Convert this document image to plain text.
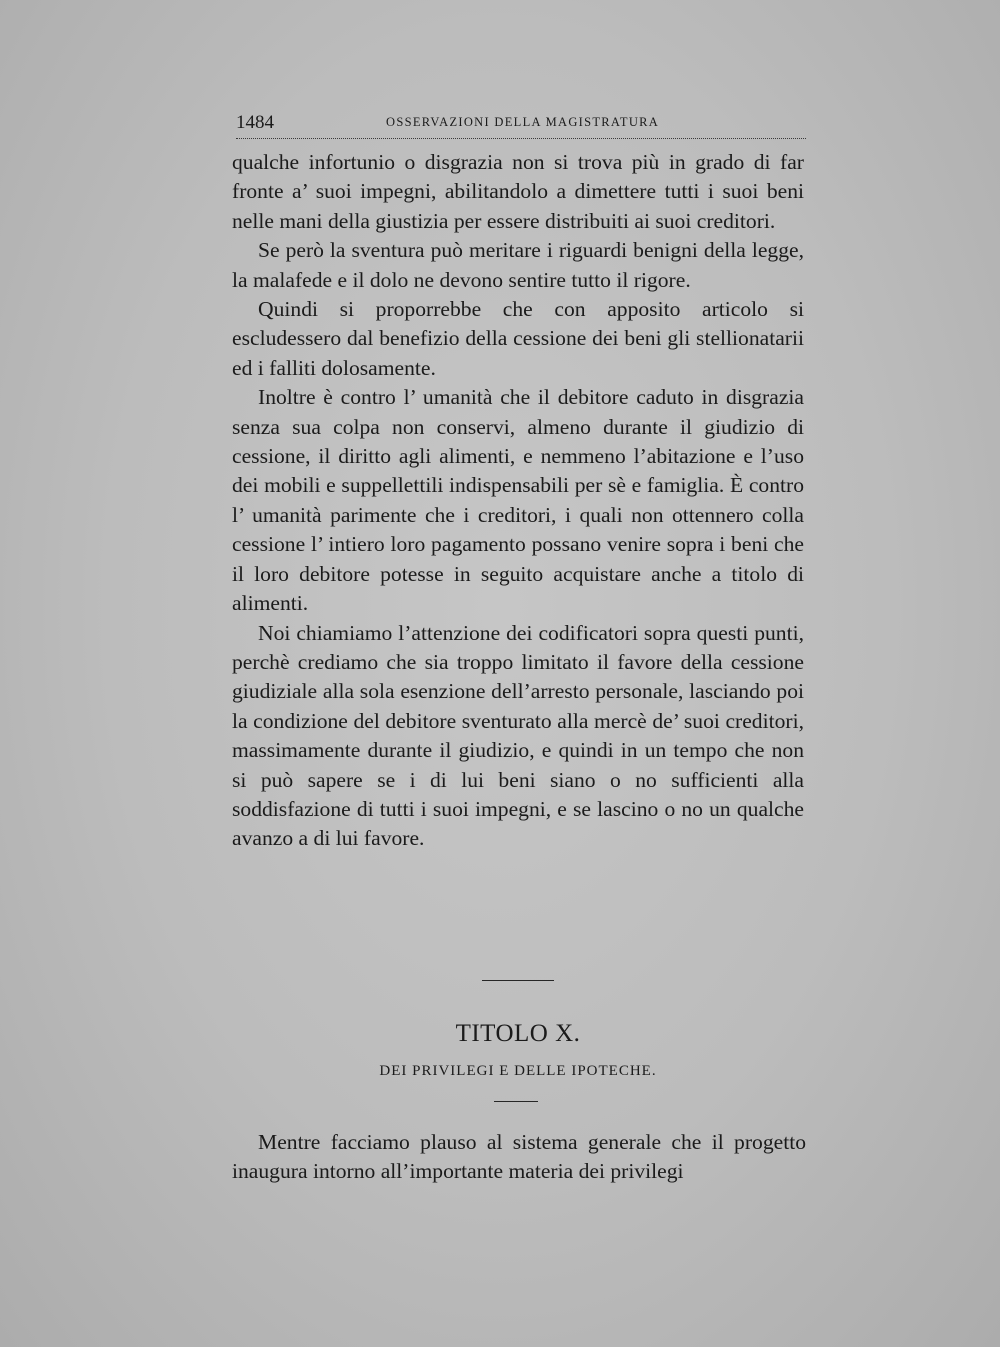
1484	OSSERVAZIONI DELLA MAGISTRATURA

qualche infortunio o disgrazia non si trova più in grado di far fronte a’ suoi impegni, abilitandolo a dimettere tutti i suoi beni nelle mani della giustizia per essere distribuiti ai suoi creditori.

Se però la sventura può meritare i riguardi benigni della legge, la malafede e il dolo ne devono sentire tutto il rigore.

Quindi si proporrebbe che con apposito articolo si escludessero dal benefizio della cessione dei beni gli stellionatarii ed i falliti dolosamente.

Inoltre è contro l’ umanità che il debitore caduto in disgrazia senza sua colpa non conservi, almeno durante il giudizio di cessione, il diritto agli alimenti, e nemmeno l’abitazione e l’uso dei mobili e suppellettili indispensabili per sè e famiglia. È contro l’ umanità parimente che i creditori, i quali non ottennero colla cessione l’ intiero loro pagamento possano venire sopra i beni che il loro debitore potesse in seguito acquistare anche a titolo di alimenti.

Noi chiamiamo l’attenzione dei codificatori sopra questi punti, perchè crediamo che sia troppo limitato il favore della cessione giudiziale alla sola esenzione dell’arresto personale, lasciando poi la condizione del debitore sventurato alla mercè de’ suoi creditori, massimamente durante il giudizio, e quindi in un tempo che non si può sapere se i di lui beni siano o no sufficienti alla soddisfazione di tutti i suoi impegni, e se lascino o no un qualche avanzo a di lui favore.

TITOLO X.
DEI PRIVILEGI E DELLE IPOTECHE.

Mentre facciamo plauso al sistema generale che il progetto inaugura intorno all’importante materia dei privilegi
